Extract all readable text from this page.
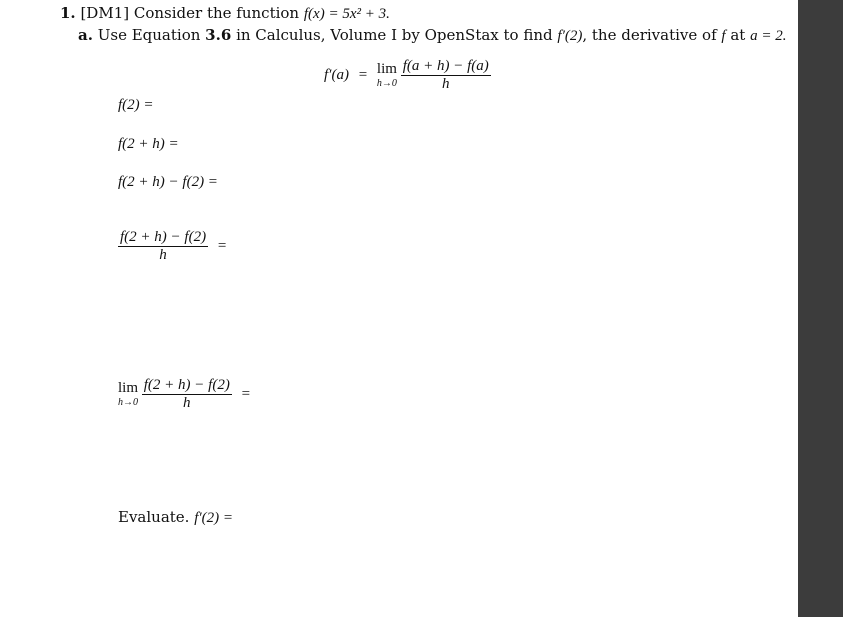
1. [DM1] Consider the function f(x) = 5x² + 3.
a. Use Equation 3.6 in Calculus, Volume I by OpenStax to find f′(2), the derivative of f at a = 2.
f′(a) = lim
h→0
$\frac{f(a + h) - f(a)}{h}$
f(2) =
f(2 + h) =
f(2 + h) − f(2) =
$\frac{f(2 + h) - f(2)}{h}$ =
lim
h→0
$\frac{f(2 + h) - f(2)}{h}$ =
Evaluate. f′(2) =
